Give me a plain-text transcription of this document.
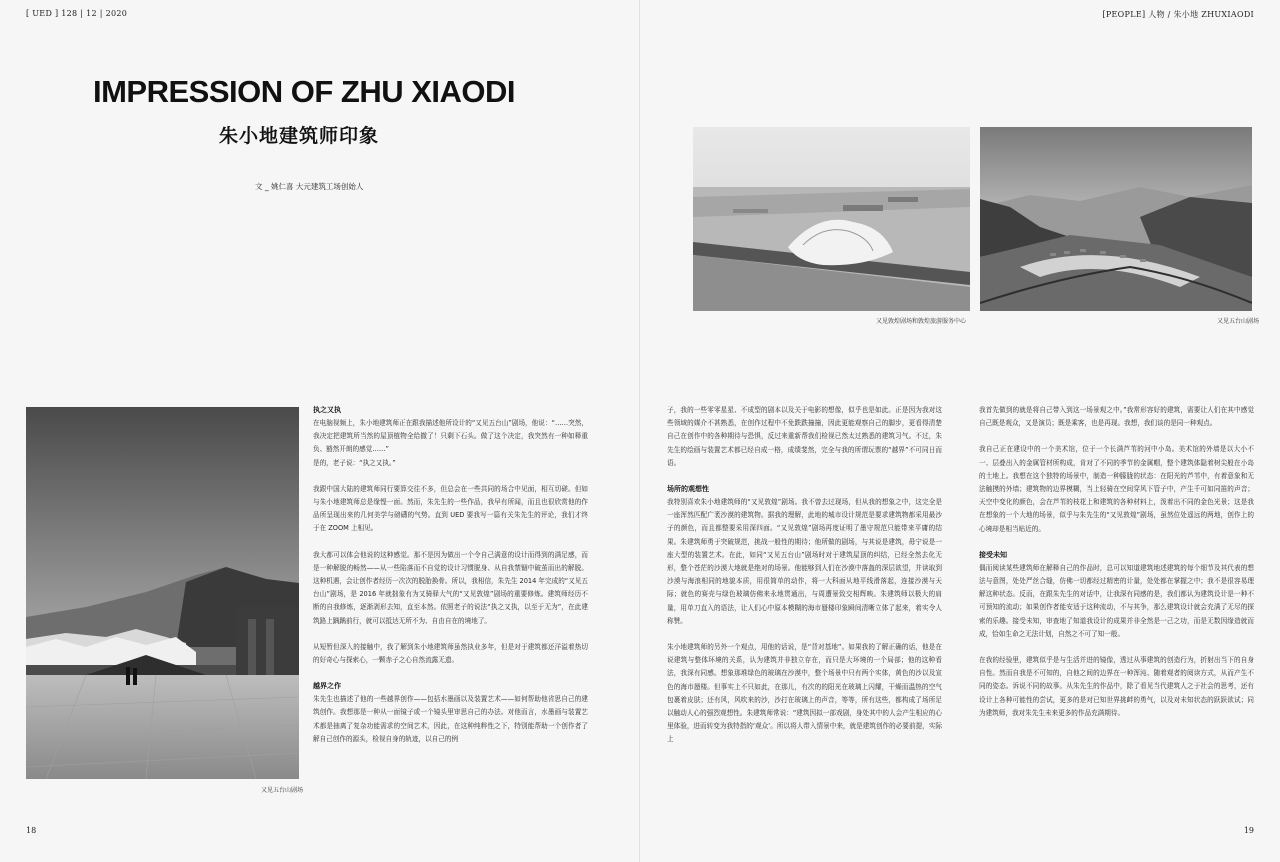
[ UED ] 128 | 12 | 2020
IMPRESSION OF ZHU XIAODI
朱小地建筑师印象
文 _ 姚仁喜 大元建筑工场创始人
又见五台山剧场
执之又执

在电脑视频上，朱小地建筑师正在跟我描述他所设计的“又见五台山”剧场，他说：“……突然，我决定把建筑所当然的屋顶植物全给撤了！只剩下石头。做了这个决定，我突然有一种如释重负、豁然开朗的感觉……”

是的，老子说：“执之又执。”

我跟中国大陆的建筑师同行要算交往不多，但总会在一些共同的场合中见面，相互切磋。但如与朱小地建筑师总是缘悭一面。然而，朱先生的一些作品，我早有所闻，而且也很欣赏他的作品所呈现出来的几何美学与磅礴的气势。直到 UED 要我写一篇有关朱先生的评论，我们才终于在 ZOOM 上相见。

我大都可以体会他说的这种感觉。那不是因为做出一个令自己满意的设计而得到的满足感，而是一种解脱的畅然——从一些陷落而不自觉的设计习惯脱身、从自我禁锢中破茧而出的解脱。这种机遇，会让创作者经历一次次的脱胎换骨。所以，我相信，朱先生 2014 年完成的“又见五台山”剧场，是 2016 年就拙象有为又骑驿大气的“又见敦煌”剧场的重要修炼。建筑师经历不断的自我修炼，逐渐剥形去知，直至本然。依照老子的说法“执之又执，以至于无为”，在此建筑路上踽踽前行，就可以抵达无所不为、自由自在的境地了。

从短暂但深入的接触中，我了解到朱小地建筑师虽然执业多年，但是对于建筑都还洋溢着热切的好奇心与探索心，一颗赤子之心自然流露无遗。

越界之作

朱先生也描述了他的一些越界创作——包括水墨画以及装置艺术——如何帮助他省思自己的建筑创作。我想那是一种从一面镜子或一个镜头里审思自己的办法。对他而言，水墨画与装置艺术都是抽离了复杂功能需求的空间艺术，因此，在这种纯粹性之下，特别能帮助一个创作者了解自己创作的源头，检视自身的轨迹，以自己的例

18
[PEOPLE] 人物 / 朱小地 ZHUXIAODI
又见敦煌剧场和敦煌旅游服务中心	又见五台山剧场

子，我的一些零零星星、不成型的剧本以及关于电影的想像，似乎也是如此。正是因为我对这些领域的媒介不甚熟悉，在创作过程中不免跌跌撞撞，因此更能观察自己的脚步，更看得清楚自己在创作中的各种期待与恐惧，反过来重新帮我们检视已然太过熟悉的建筑习气。不过，朱先生的绘画与装置艺术都已经自成一格，成绩斐然，完全与我的所谓玩票的“越界”不可同日而语。

场所的观想性

我特别喜欢朱小地建筑师的“又见敦煌”剧场。我不曾去过现场，但从我的想象之中，这完全是一座浑然匹配广袤沙漠的建筑物。据我的理解，此地的城市设计规范是要求建筑物都采用最沙子的颜色，而且都整要采用深四面。“又见敦煌”剧场再度证明了墨守规范只能带来平庸的结果。朱建筑师勇于突破规范，挑战一般性的期待；他所做的剧场，与其说是建筑，毋宁说是一座大型的装置艺术。在此，如同“又见五台山”剧场时对于建筑屋顶的纠结，已经全然去化无形，整个苍茫的沙漠大地就是绝对的场景。他能够到人们在沙漠中落盔的深层欲望，并读取到沙漠与海浪相同的地貌本质，用很简单的动作，将一大科面从地平线滑落起，连接沙漠与天际；就色的赛壳与绿色玻璃仿佛来永地贯通出，与周遭景致交相辉映。朱建筑师以极大的肩量，用单刀直入的语法，让人们心中原本模糊的海市蜃楼印象瞬间清晰立体了起来，着实令人称赞。

朱小地建筑师的另外一个观点，用他的话说，是“背对基地”。如果我的了解正确的话，他是在说建筑与整体环境的关系，认为建筑并非独立存在，而只是大环境的一个局部；他的这种看法，我深有同感。想象那堆绿色的玻璃在沙漠中，整个场景中只有两个实体，黄色的沙以及宣色的海市蜃楼。但事实上不只如此，在那儿，有次的的阳光在玻璃上闪耀，干燥而温热的空气包裹着皮肤；还有风，风吹来的沙，沙打在玻璃上的声音，等等，所有这些，都构成了场所足以触动人心的强烈观想性。朱建筑师常说：“建筑因拟一部戏剧，身处其中的人会产生相应的心里体验，进而转变为我特指的‘观众’。所以将人带入情景中来，就是建筑创作的必要前提，实际上

我首先做到的就是将自己带入到这一场景观之中。”我常形容好的建筑，需要让人们在其中感觉自己既是观众，又是演员；既是乘客，也是再现。我想，我们谈的是同一种观点。

我自己正在建设中的一个美术馆，位于一个长满芦苇的河中小岛。美术馆的外墙是以大小不一、层叠出入的金属管材所构成，肯对了不同的季节的金属帽，整个建筑体隐着树尖般在小岛的土地上。我想在这个独特的场景中，制造一种朦胧的状态：在阳光的芦苇中，有着意象和无法触摸的外墙；建筑物的边界模糊，当上轻骑在空间穿风下管子中，产生千可如同笛的声音；天空中变化的颜色，会在芦苇的枝花上和建筑的各种材料上，泼着出不同的金色光景；这是我在想象的一个大地的场景，似乎与朱先生的“又见敦煌”剧场，虽然位处遥远的两地，创作上的心境却是相当贴近的。

接受未知

偶而阅读某些建筑师在解释自己的作品时，总可以知道建筑地述建筑的每个细节及其代表的想法与意图，处处严丝合缝，仿佛一切都经过精密的计量，处处都在掌握之中；我不是很容易理解这种状态。反而，在跟朱先生的对话中，让我深有同感的是，我们都认为建筑设计是一种不可预知的流动；如果创作者能安适于这种流动，不与其争，那么建筑设计就会充满了无尽的探索的乐趣。接受未知，审查地了知道我设计的成果并非全然是一己之功，而是无数因缘造就而成，恰如生命之无法计划，自然之不可了知一般。

在我的经验里，建筑似乎是与生活并进的镜像，透过从事建筑的创造行为，折射出当下的自身自性。然而自我是不可知的，自他之间的边界在一种浑沌、随着观者的阅读方式，从而产生不同的姿态。诉说不同的故事。从朱先生的作品中，除了看见当代建筑人之于社会的思考，还有设计上各种可能性的尝试，更多的是对已知世界挑衅的勇气，以及对未知状态的跃跃欲试；同为建筑师，我对朱先生未来更多的作品充满期待。

19
